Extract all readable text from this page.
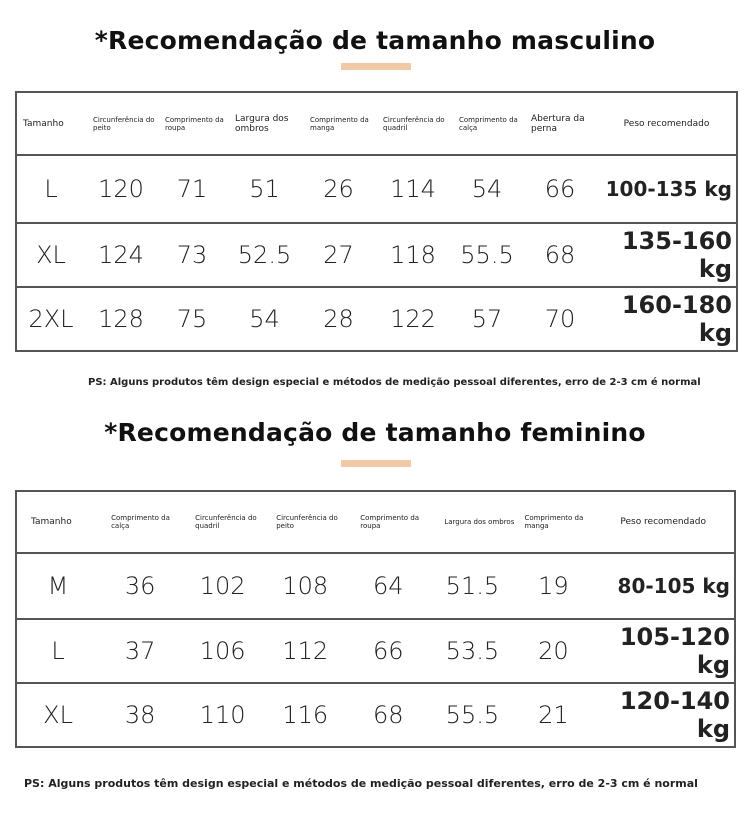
*Recomendação de tamanho masculino
Tamanho	Circunferência do peito	Comprimento da roupa	Largura dos ombros	Comprimento da manga	Circunferência do quadril	Comprimento da calça	Abertura da perna	Peso recomendado
L	120	71	51	26	114	54	66	100-135 kg
XL	124	73	52.5	27	118	55.5	68	135-160 kg
2XL	128	75	54	28	122	57	70	160-180 kg
PS: Alguns produtos têm design especial e métodos de medição pessoal diferentes, erro de 2-3 cm é normal
*Recomendação de tamanho feminino
Tamanho	Comprimento da calça	Circunferência do quadril	Circunferência do peito	Comprimento da roupa	Largura dos ombros	Comprimento da manga	Peso recomendado
M	36	102	108	64	51.5	19	80-105 kg
L	37	106	112	66	53.5	20	105-120 kg
XL	38	110	116	68	55.5	21	120-140 kg
PS: Alguns produtos têm design especial e métodos de medição pessoal diferentes, erro de 2-3 cm é normal
